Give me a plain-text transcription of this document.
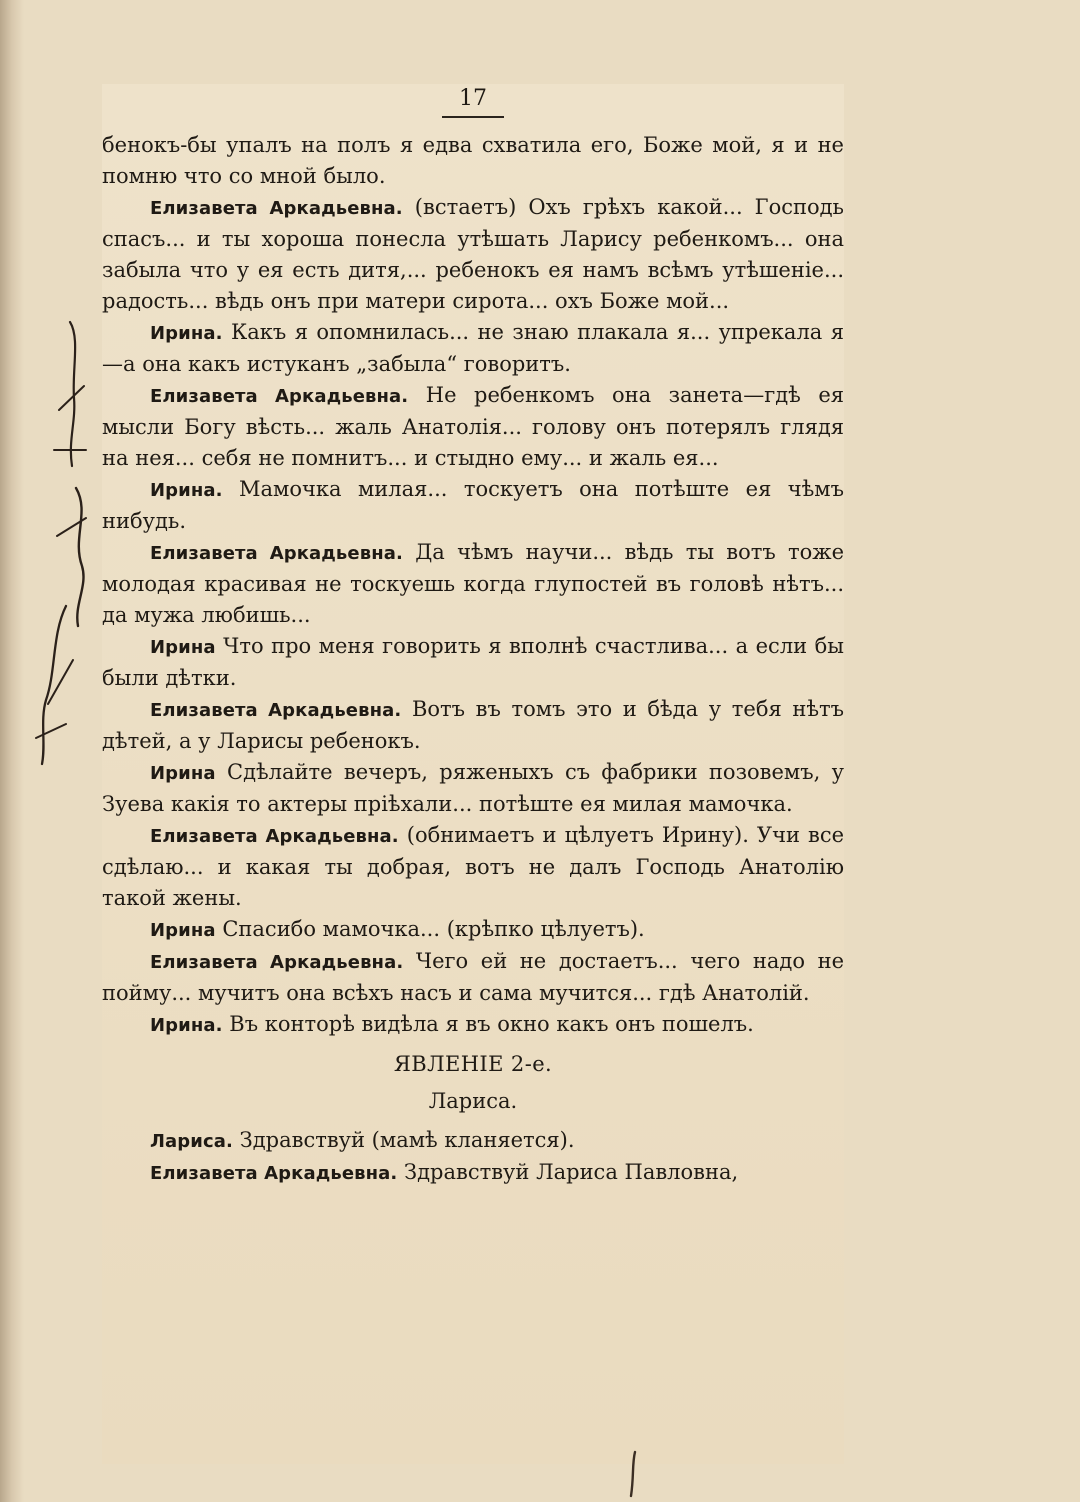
17

бенокъ-бы упалъ на полъ я едва схватила его, Боже мой, я и не помню что со мной было.

Елизавета Аркадьевна. (встаетъ) Охъ грѣхъ какой... Господь спасъ... и ты хороша понесла утѣшать Ларису ребенкомъ... она забыла что у ея есть дитя,... ребенокъ ея намъ всѣмъ утѣшеніе... радость... вѣдь онъ при матери сирота... охъ Боже мой...

Ирина. Какъ я опомнилась... не знаю плакала я... упрекала я—а она какъ истуканъ „забыла“ говоритъ.

Елизавета Аркадьевна. Не ребенкомъ она занета—гдѣ ея мысли Богу вѣсть... жаль Анатолія... голову онъ потерялъ глядя на нея... себя не помнитъ... и стыдно ему... и жаль ея...

Ирина. Мамочка милая... тоскуетъ она потѣште ея чѣмъ нибудь.

Елизавета Аркадьевна. Да чѣмъ научи... вѣдь ты вотъ тоже молодая красивая не тоскуешь когда глупостей въ головѣ нѣтъ... да мужа любишь...

Ирина Что про меня говорить я вполнѣ счастлива... а если бы были дѣтки.

Елизавета Аркадьевна. Вотъ въ томъ это и бѣда у тебя нѣтъ дѣтей, а у Ларисы ребенокъ.

Ирина Сдѣлайте вечеръ, ряженыхъ съ фабрики позовемъ, у Зуева какія то актеры пріѣхали... потѣште ея милая мамочка.

Елизавета Аркадьевна. (обнимаетъ и цѣлуетъ Ирину). Учи все сдѣлаю... и какая ты добрая, вотъ не далъ Господь Анатолію такой жены.

Ирина Спасибо мамочка... (крѣпко цѣлуетъ).

Елизавета Аркадьевна. Чего ей не достаетъ... чего надо не пойму... мучитъ она всѣхъ насъ и сама мучится... гдѣ Анатолій.

Ирина. Въ конторѣ видѣла я въ окно какъ онъ пошелъ.

ЯВЛЕНІЕ 2-е.
Лариса.

Лариса. Здравствуй (мамѣ кланяется).

Елизавета Аркадьевна. Здравствуй Лариса Павловна,
